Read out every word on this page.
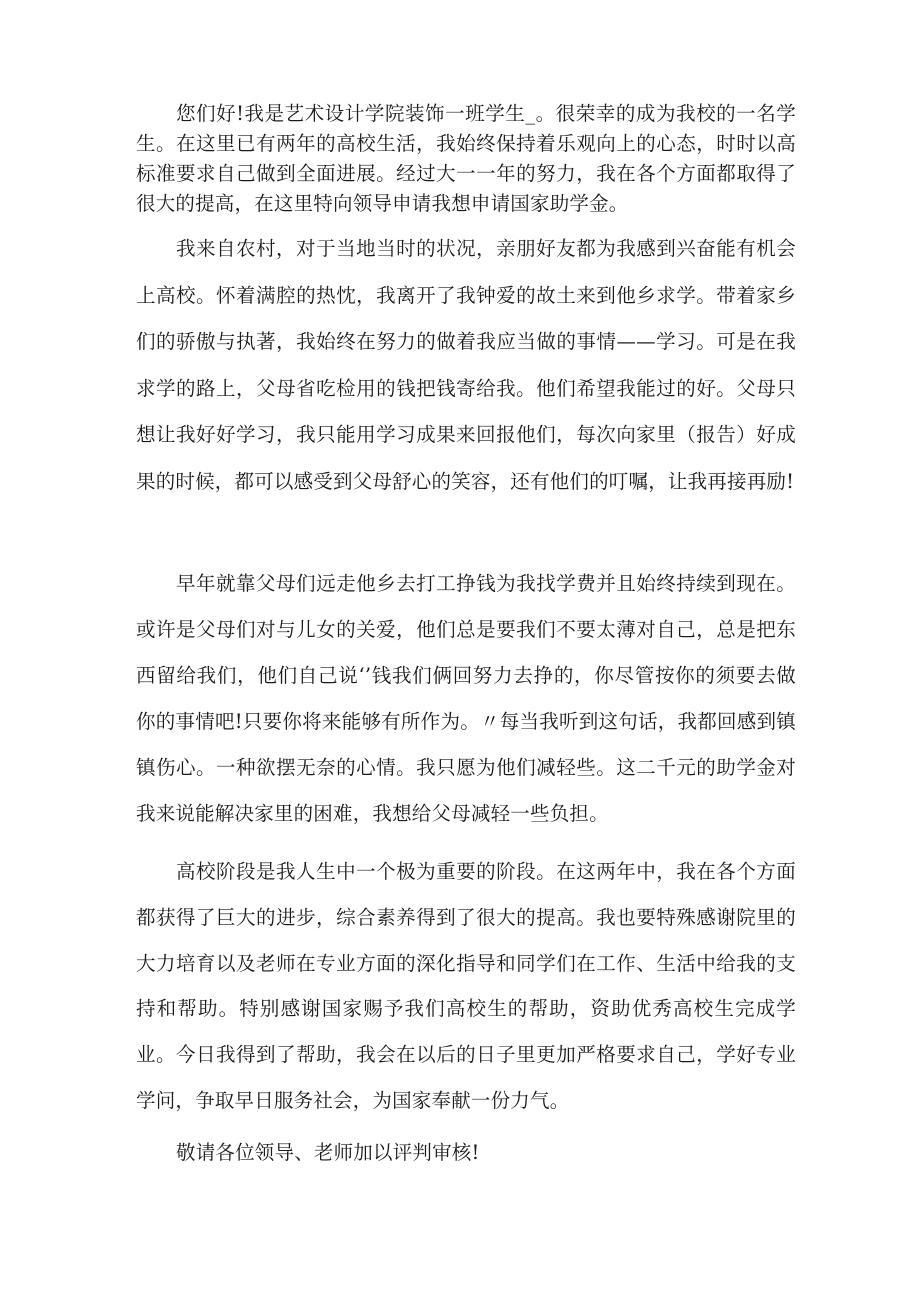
您们好!我是艺术设计学院装饰一班学生_。很荣幸的成为我校的一名学生。在这里已有两年的高校生活，我始终保持着乐观向上的心态，时时以高标准要求自己做到全面进展。经过大一一年的努力，我在各个方面都取得了很大的提高，在这里特向领导申请我想申请国家助学金。

我来自农村，对于当地当时的状况，亲朋好友都为我感到兴奋能有机会上高校。怀着满腔的热忱，我离开了我钟爱的故土来到他乡求学。带着家乡们的骄傲与执著，我始终在努力的做着我应当做的事情——学习。可是在我求学的路上，父母省吃检用的钱把钱寄给我。他们希望我能过的好。父母只想让我好好学习，我只能用学习成果来回报他们，每次向家里（报告）好成果的时候，都可以感受到父母舒心的笑容，还有他们的叮嘱，让我再接再励!

早年就靠父母们远走他乡去打工挣钱为我找学费并且始终持续到现在。或许是父母们对与儿女的关爱，他们总是要我们不要太薄对自己，总是把东西留给我们，他们自己说‘’钱我们俩回努力去挣的，你尽管按你的须要去做你的事情吧!只要你将来能够有所作为。〃每当我听到这句话，我都回感到镇镇伤心。一种欲摆无奈的心情。我只愿为他们减轻些。这二千元的助学金对我来说能解决家里的困难，我想给父母减轻一些负担。

高校阶段是我人生中一个极为重要的阶段。在这两年中，我在各个方面都获得了巨大的进步，综合素养得到了很大的提高。我也要特殊感谢院里的大力培育以及老师在专业方面的深化指导和同学们在工作、生活中给我的支持和帮助。特别感谢国家赐予我们高校生的帮助，资助优秀高校生完成学业。今日我得到了帮助，我会在以后的日子里更加严格要求自己，学好专业学问，争取早日服务社会，为国家奉献一份力气。

敬请各位领导、老师加以评判审核!
